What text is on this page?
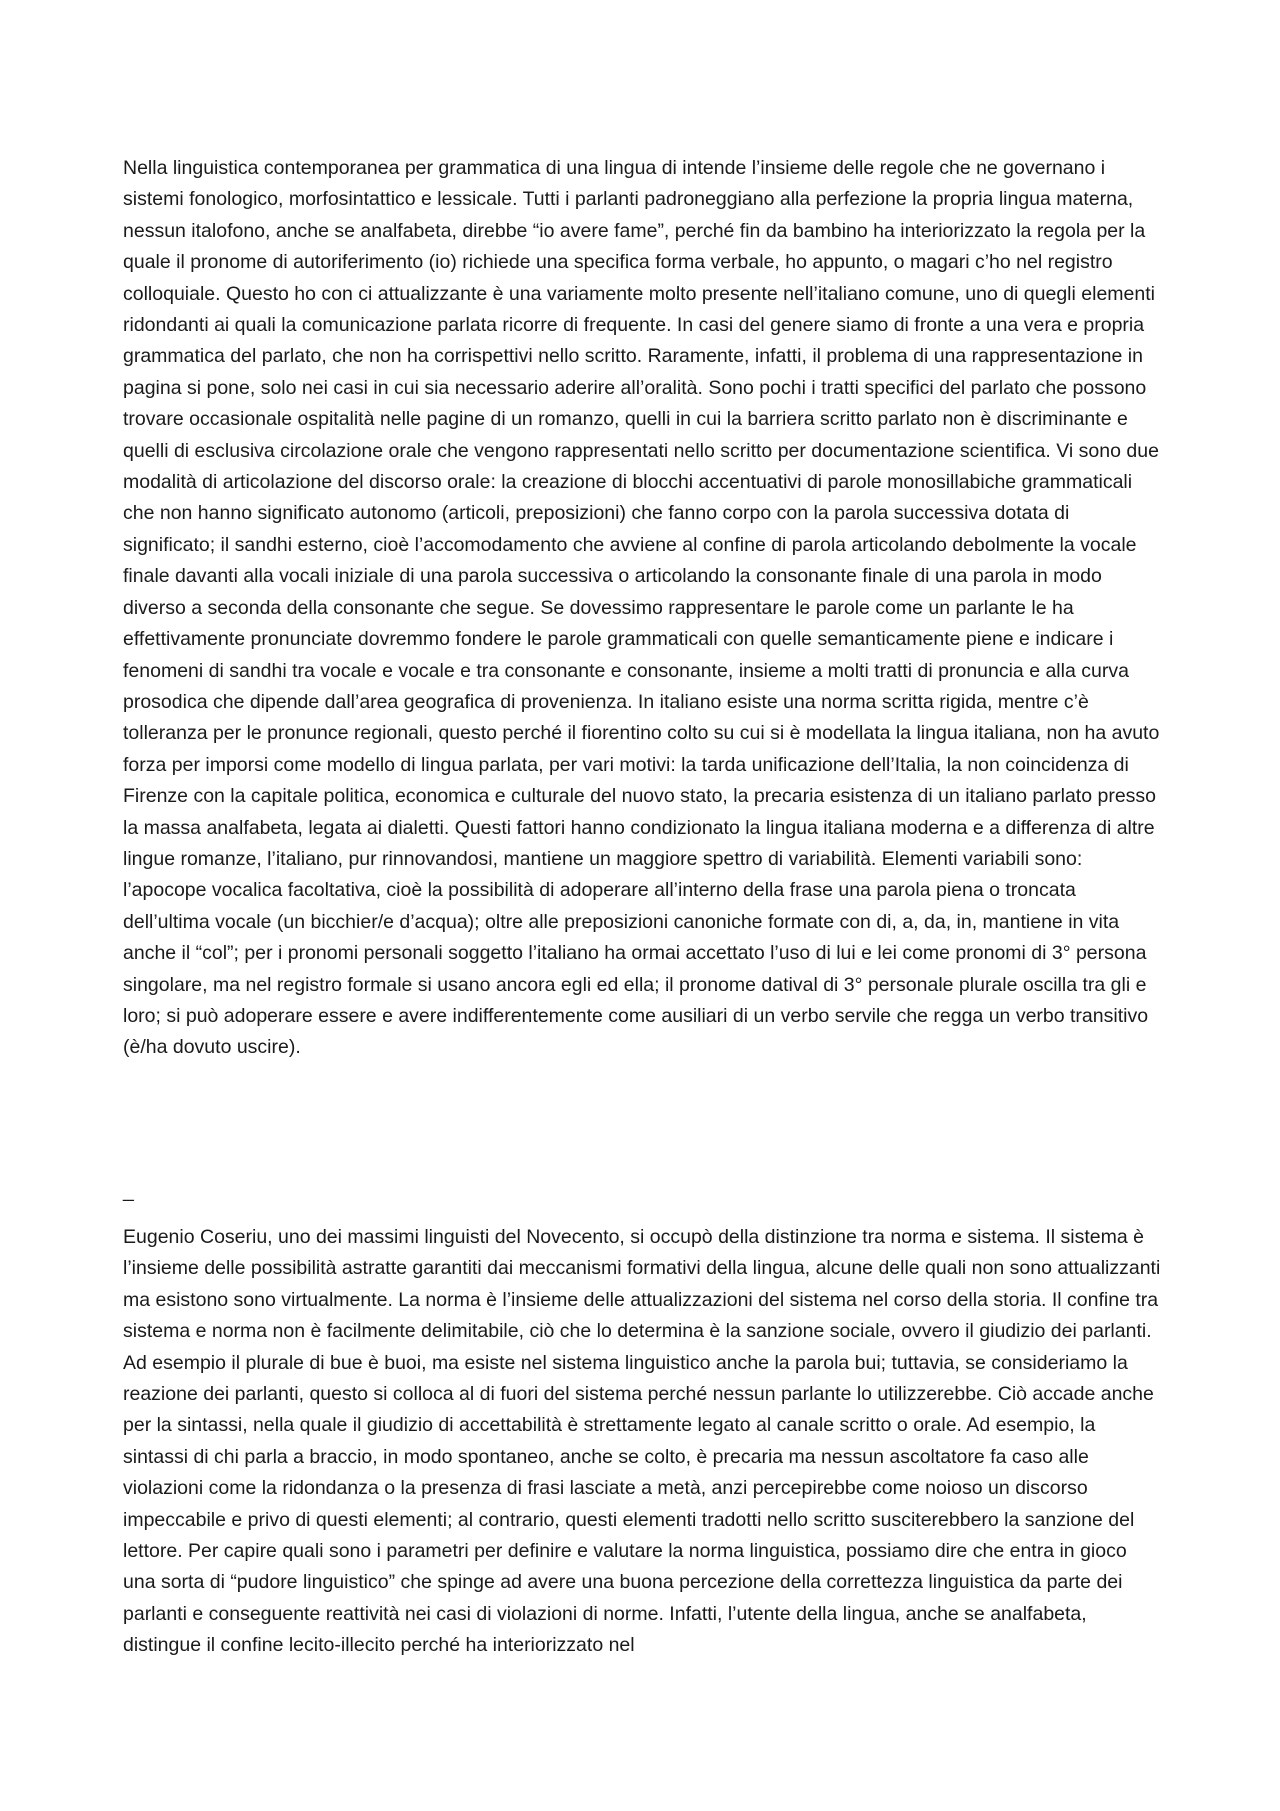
Nella linguistica contemporanea per grammatica di una lingua di intende l’insieme delle regole che ne governano i sistemi fonologico, morfosintattico e lessicale. Tutti i parlanti padroneggiano alla perfezione la propria lingua materna, nessun italofono, anche se analfabeta, direbbe “io avere fame”, perché fin da bambino ha interiorizzato la regola per la quale il pronome di autoriferimento (io) richiede una specifica forma verbale, ho appunto, o magari c’ho nel registro colloquiale. Questo ho con ci attualizzante è una variamente molto presente nell’italiano comune, uno di quegli elementi ridondanti ai quali la comunicazione parlata ricorre di frequente. In casi del genere siamo di fronte a una vera e propria grammatica del parlato, che non ha corrispettivi nello scritto. Raramente, infatti, il problema di una rappresentazione in pagina si pone, solo nei casi in cui sia necessario aderire all’oralità. Sono pochi i tratti specifici del parlato che possono trovare occasionale ospitalità nelle pagine di un romanzo, quelli in cui la barriera scritto parlato non è discriminante e quelli di esclusiva circolazione orale che vengono rappresentati nello scritto per documentazione scientifica. Vi sono due modalità di articolazione del discorso orale: la creazione di blocchi accentuativi di parole monosillabiche grammaticali che non hanno significato autonomo (articoli, preposizioni) che fanno corpo con la parola successiva dotata di significato; il sandhi esterno, cioè l’accomodamento che avviene al confine di parola articolando debolmente la vocale finale davanti alla vocali iniziale di una parola successiva o articolando la consonante finale di una parola in modo diverso a seconda della consonante che segue. Se dovessimo rappresentare le parole come un parlante le ha effettivamente pronunciate dovremmo fondere le parole grammaticali con quelle semanticamente piene e indicare i fenomeni di sandhi tra vocale e vocale e tra consonante e consonante, insieme a molti tratti di pronuncia e alla curva prosodica che dipende dall’area geografica di provenienza. In italiano esiste una norma scritta rigida, mentre c’è tolleranza per le pronunce regionali, questo perché il fiorentino colto su cui si è modellata la lingua italiana, non ha avuto forza per imporsi come modello di lingua parlata, per vari motivi: la tarda unificazione dell’Italia, la non coincidenza di Firenze con la capitale politica, economica e culturale del nuovo stato, la precaria esistenza di un italiano parlato presso la massa analfabeta, legata ai dialetti. Questi fattori hanno condizionato la lingua italiana moderna e a differenza di altre lingue romanze, l’italiano, pur rinnovandosi, mantiene un maggiore spettro di variabilità. Elementi variabili sono: l’apocope vocalica facoltativa, cioè la possibilità di adoperare all’interno della frase una parola piena o troncata dell’ultima vocale (un bicchier/e d’acqua); oltre alle preposizioni canoniche formate con di, a, da, in, mantiene in vita anche il “col”; per i pronomi personali soggetto l’italiano ha ormai accettato l’uso di lui e lei come pronomi di 3° persona singolare, ma nel registro formale si usano ancora egli ed ella; il pronome datival di 3° personale plurale oscilla tra gli e loro; si può adoperare essere e avere indifferentemente come ausiliari di un verbo servile che regga un verbo transitivo (è/ha dovuto uscire).

_

Eugenio Coseriu, uno dei massimi linguisti del Novecento, si occupò della distinzione tra norma e sistema. Il sistema è l’insieme delle possibilità astratte garantiti dai meccanismi formativi della lingua, alcune delle quali non sono attualizzanti ma esistono sono virtualmente. La norma è l’insieme delle attualizzazioni del sistema nel corso della storia. Il confine tra sistema e norma non è facilmente delimitabile, ciò che lo determina è la sanzione sociale, ovvero il giudizio dei parlanti. Ad esempio il plurale di bue è buoi, ma esiste nel sistema linguistico anche la parola bui; tuttavia, se consideriamo la reazione dei parlanti, questo si colloca al di fuori del sistema perché nessun parlante lo utilizzerebbe. Ciò accade anche per la sintassi, nella quale il giudizio di accettabilità è strettamente legato al canale scritto o orale. Ad esempio, la sintassi di chi parla a braccio, in modo spontaneo, anche se colto, è precaria ma nessun ascoltatore fa caso alle violazioni come la ridondanza o la presenza di frasi lasciate a metà, anzi percepirebbe come noioso un discorso impeccabile e privo di questi elementi; al contrario, questi elementi tradotti nello scritto susciterebbero la sanzione del lettore. Per capire quali sono i parametri per definire e valutare la norma linguistica, possiamo dire che entra in gioco una sorta di “pudore linguistico” che spinge ad avere una buona percezione della correttezza linguistica da parte dei parlanti e conseguente reattività nei casi di violazioni di norme. Infatti, l’utente della lingua, anche se analfabeta, distingue il confine lecito-illecito perché ha interiorizzato nel
